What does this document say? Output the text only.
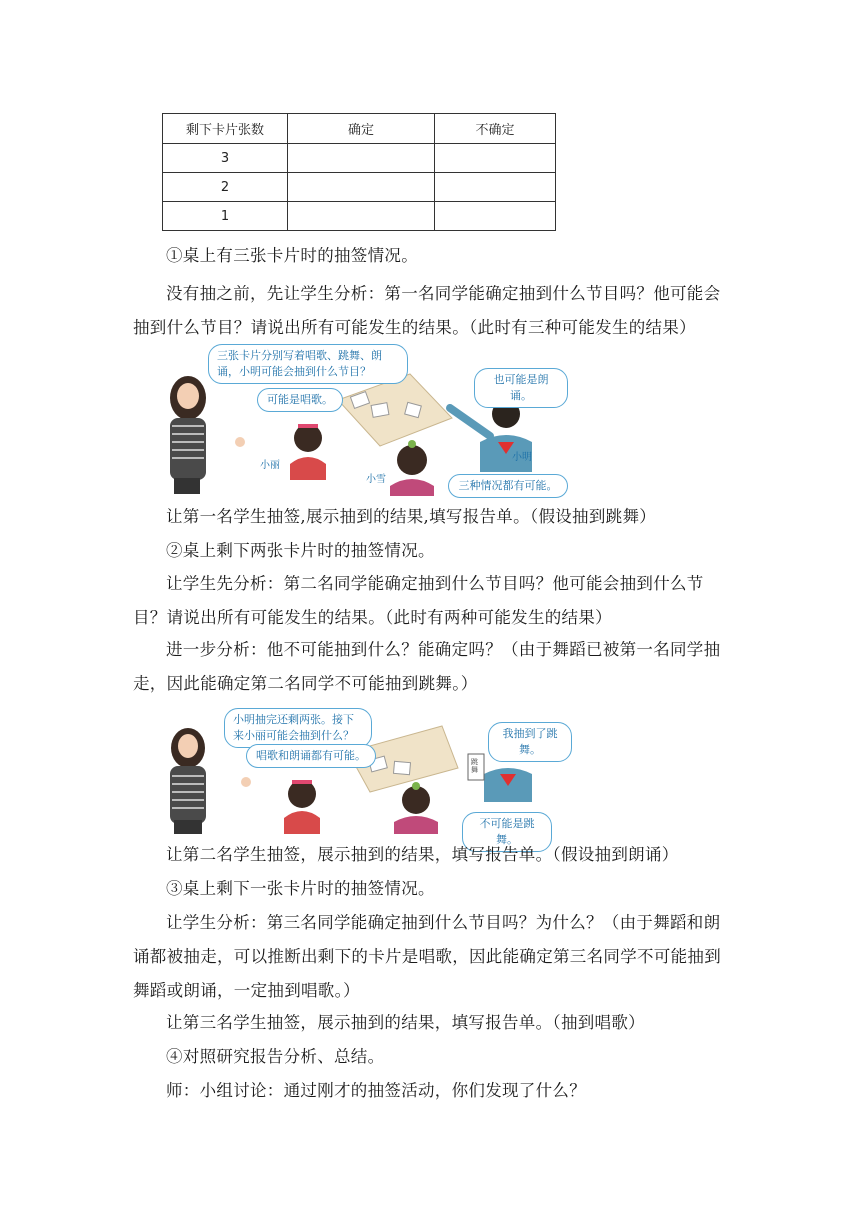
剩下卡片张数	确定	不确定
3		
2		
1		
①桌上有三张卡片时的抽签情况。
没有抽之前，先让学生分析：第一名同学能确定抽到什么节目吗？他可能会抽到什么节目？请说出所有可能发生的结果。（此时有三种可能发生的结果）
三张卡片分别写着唱歌、跳舞、朗诵，小明可能会抽到什么节目？
可能是唱歌。
也可能是朗诵。
三种情况都有可能。
小丽
小雪
小明
让第一名学生抽签,展示抽到的结果,填写报告单。（假设抽到跳舞）
②桌上剩下两张卡片时的抽签情况。
让学生先分析：第二名同学能确定抽到什么节目吗？他可能会抽到什么节目？请说出所有可能发生的结果。（此时有两种可能发生的结果）
进一步分析：他不可能抽到什么？能确定吗？（由于舞蹈已被第一名同学抽走，因此能确定第二名同学不可能抽到跳舞。）
小明抽完还剩两张。接下来小丽可能会抽到什么？
唱歌和朗诵都有可能。
我抽到了跳舞。
不可能是跳舞。
跳舞
让第二名学生抽签，展示抽到的结果，填写报告单。（假设抽到朗诵）
③桌上剩下一张卡片时的抽签情况。
让学生分析：第三名同学能确定抽到什么节目吗？为什么？（由于舞蹈和朗诵都被抽走，可以推断出剩下的卡片是唱歌，因此能确定第三名同学不可能抽到舞蹈或朗诵，一定抽到唱歌。）
让第三名学生抽签，展示抽到的结果，填写报告单。（抽到唱歌）
④对照研究报告分析、总结。
师：小组讨论：通过刚才的抽签活动，你们发现了什么？
